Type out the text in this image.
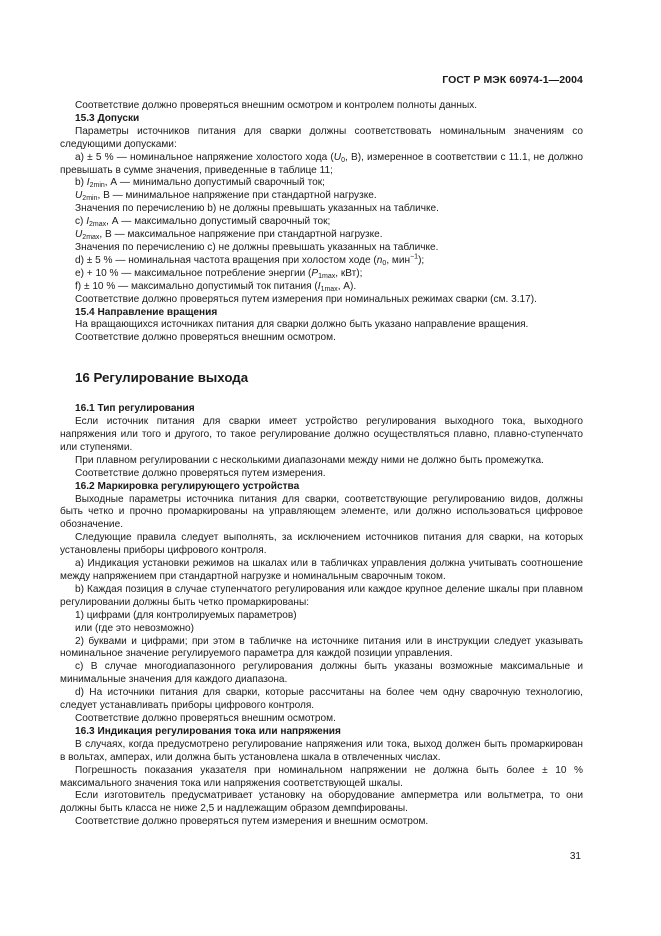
ГОСТ Р МЭК 60974-1—2004

Соответствие должно проверяться внешним осмотром и контролем полноты данных.

15.3 Допуски

Параметры источников питания для сварки должны соответствовать номинальным значениям со следующими допусками:

a) ± 5 % — номинальное напряжение холостого хода ($U_0$, В), измеренное в соответствии с 11.1, не должно превышать в сумме значения, приведенные в таблице 11;

b) $I_{2min}$, А — минимально допустимый сварочный ток;

$U_{2min}$, В — минимальное напряжение при стандартной нагрузке.

Значения по перечислению b) не должны превышать указанных на табличке.

c) $I_{2max}$, А — максимально допустимый сварочный ток;

$U_{2max}$, В — максимальное напряжение при стандартной нагрузке.

Значения по перечислению c) не должны превышать указанных на табличке.

d) ± 5 % — номинальная частота вращения при холостом ходе ($n_0$, мин$^{-1}$);

e) + 10 % — максимальное потребление энергии ($P_{1max}$, кВт);

f) ± 10 % — максимально допустимый ток питания ($I_{1max}$, А).

Соответствие должно проверяться путем измерения при номинальных режимах сварки (см. 3.17).

15.4 Направление вращения

На вращающихся источниках питания для сварки должно быть указано направление вращения.

Соответствие должно проверяться внешним осмотром.

16 Регулирование выхода

16.1 Тип регулирования

Если источник питания для сварки имеет устройство регулирования выходного тока, выходного напряжения или того и другого, то такое регулирование должно осуществляться плавно, плавно-ступенчато или ступенями.

При плавном регулировании с несколькими диапазонами между ними не должно быть промежутка.

Соответствие должно проверяться путем измерения.

16.2 Маркировка регулирующего устройства

Выходные параметры источника питания для сварки, соответствующие регулированию видов, должны быть четко и прочно промаркированы на управляющем элементе, или должно использоваться цифровое обозначение.

Следующие правила следует выполнять, за исключением источников питания для сварки, на которых установлены приборы цифрового контроля.

a) Индикация установки режимов на шкалах или в табличках управления должна учитывать соотношение между напряжением при стандартной нагрузке и номинальным сварочным током.

b) Каждая позиция в случае ступенчатого регулирования или каждое крупное деление шкалы при плавном регулировании должны быть четко промаркированы:

1) цифрами (для контролируемых параметров)

или (где это невозможно)

2) буквами и цифрами; при этом в табличке на источнике питания или в инструкции следует указывать номинальное значение регулируемого параметра для каждой позиции управления.

c) В случае многодиапазонного регулирования должны быть указаны возможные максимальные и минимальные значения для каждого диапазона.

d) На источники питания для сварки, которые рассчитаны на более чем одну сварочную технологию, следует устанавливать приборы цифрового контроля.

Соответствие должно проверяться внешним осмотром.

16.3 Индикация регулирования тока или напряжения

В случаях, когда предусмотрено регулирование напряжения или тока, выход должен быть промаркирован в вольтах, амперах, или должна быть установлена шкала в отвлеченных числах.

Погрешность показания указателя при номинальном напряжении не должна быть более ± 10 % максимального значения тока или напряжения соответствующей шкалы.

Если изготовитель предусматривает установку на оборудование амперметра или вольтметра, то они должны быть класса не ниже 2,5 и надлежащим образом демпфированы.

Соответствие должно проверяться путем измерения и внешним осмотром.

31
